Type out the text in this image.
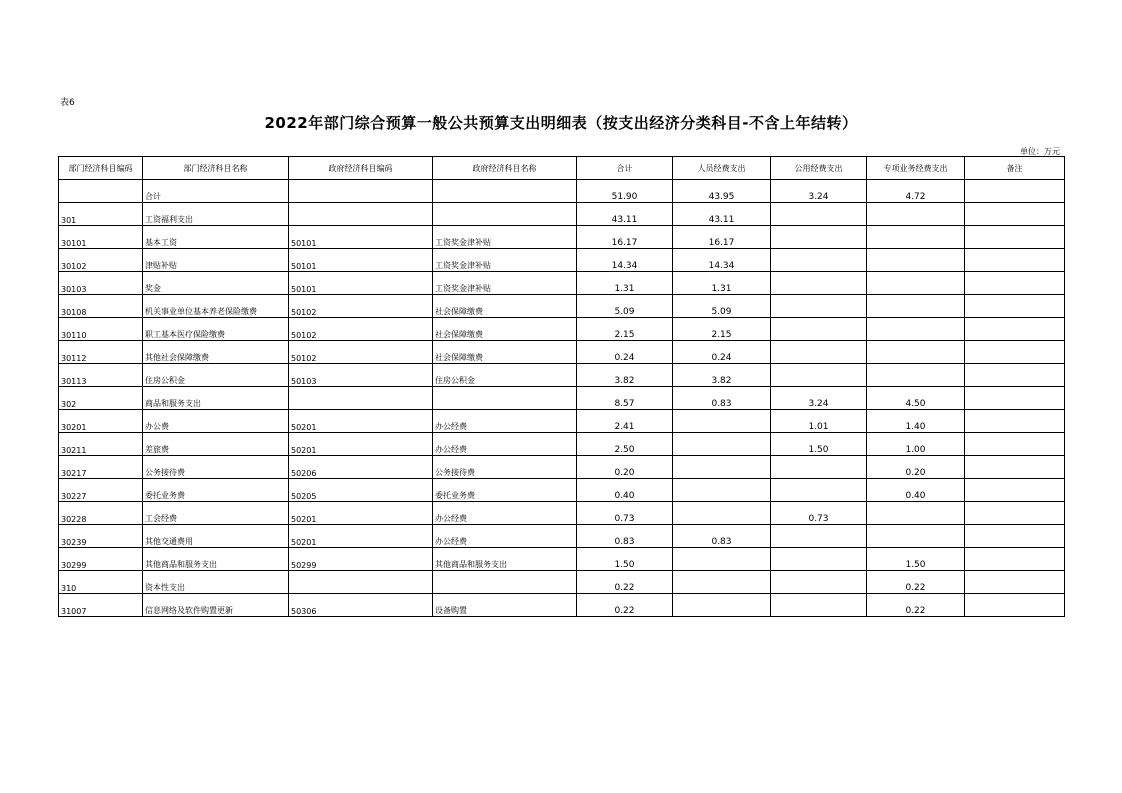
表6
2022年部门综合预算一般公共预算支出明细表（按支出经济分类科目-不含上年结转）
单位：万元
部门经济科目编码	部门经济科目名称	政府经济科目编码	政府经济科目名称	合计	人员经费支出	公用经费支出	专项业务经费支出	备注
	合计			51.90	43.95	3.24	4.72	
301	工资福利支出			43.11	43.11			
30101	基本工资	50101	工资奖金津补贴	16.17	16.17			
30102	津贴补贴	50101	工资奖金津补贴	14.34	14.34			
30103	奖金	50101	工资奖金津补贴	1.31	1.31			
30108	机关事业单位基本养老保险缴费	50102	社会保障缴费	5.09	5.09			
30110	职工基本医疗保险缴费	50102	社会保障缴费	2.15	2.15			
30112	其他社会保障缴费	50102	社会保障缴费	0.24	0.24			
30113	住房公积金	50103	住房公积金	3.82	3.82			
302	商品和服务支出			8.57	0.83	3.24	4.50	
30201	办公费	50201	办公经费	2.41		1.01	1.40	
30211	差旅费	50201	办公经费	2.50		1.50	1.00	
30217	公务接待费	50206	公务接待费	0.20			0.20	
30227	委托业务费	50205	委托业务费	0.40			0.40	
30228	工会经费	50201	办公经费	0.73		0.73		
30239	其他交通费用	50201	办公经费	0.83	0.83			
30299	其他商品和服务支出	50299	其他商品和服务支出	1.50			1.50	
310	资本性支出			0.22			0.22	
31007	信息网络及软件购置更新	50306	设备购置	0.22			0.22	
